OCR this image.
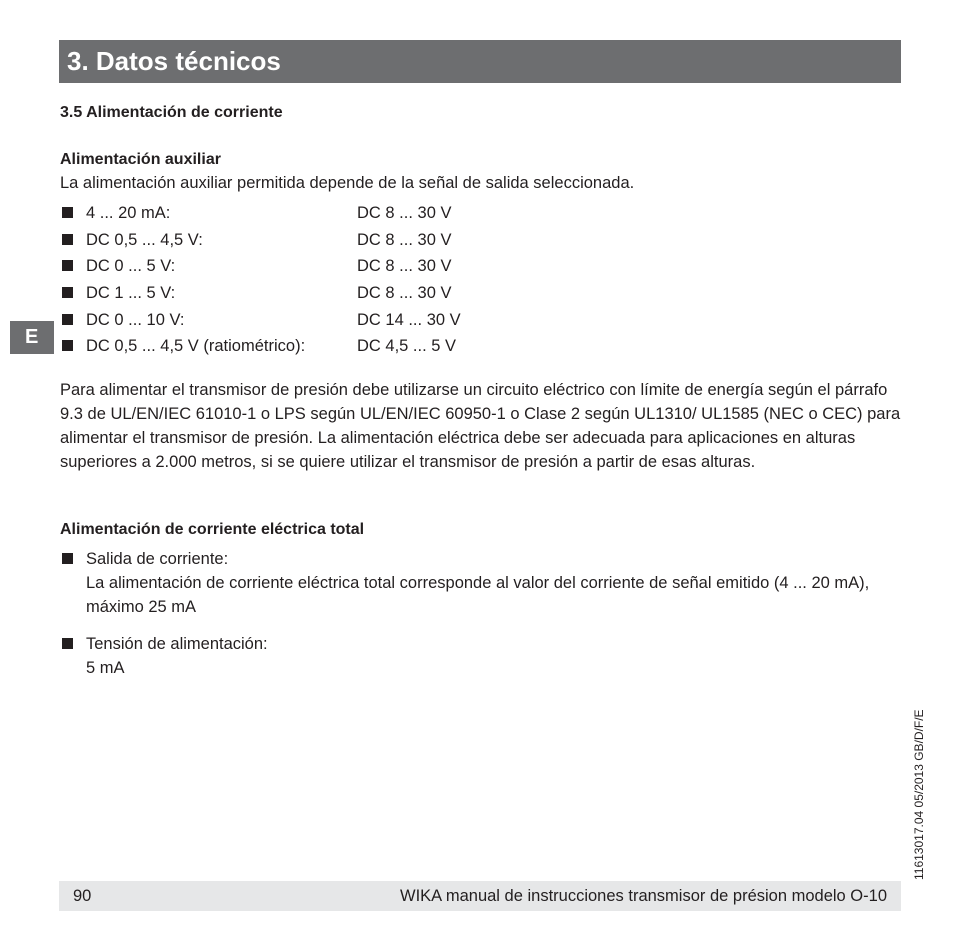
3. Datos técnicos
3.5 Alimentación de corriente
Alimentación auxiliar
La alimentación auxiliar permitida depende de la señal de salida seleccionada.
4 ... 20 mA:	DC 8 ... 30 V
DC 0,5 ... 4,5 V:	DC 8 ... 30 V
DC 0 ... 5 V:	DC 8 ... 30 V
DC 1 ... 5 V:	DC 8 ... 30 V
DC 0 ... 10 V:	DC 14 ... 30 V
DC 0,5 ... 4,5 V (ratiométrico):	DC 4,5 ... 5 V
Para alimentar el transmisor de presión debe utilizarse un circuito eléctrico con límite de energía según el párrafo 9.3 de UL/EN/IEC 61010-1 o LPS según UL/EN/IEC 60950-1 o Clase 2 según UL1310/ UL1585 (NEC o CEC) para alimentar el transmisor de presión. La alimentación eléctrica debe ser adecuada para aplicaciones en alturas superiores a 2.000 metros, si se quiere utilizar el transmisor de presión a partir de esas alturas.
Alimentación de corriente eléctrica total
Salida de corriente:
La alimentación de corriente eléctrica total corresponde al valor del corriente de señal emitido (4 ... 20 mA), máximo 25 mA
Tensión de alimentación:
5 mA
E
11613017.04 05/2013 GB/D/F/E
90	WIKA manual de instrucciones transmisor de présion modelo O-10
